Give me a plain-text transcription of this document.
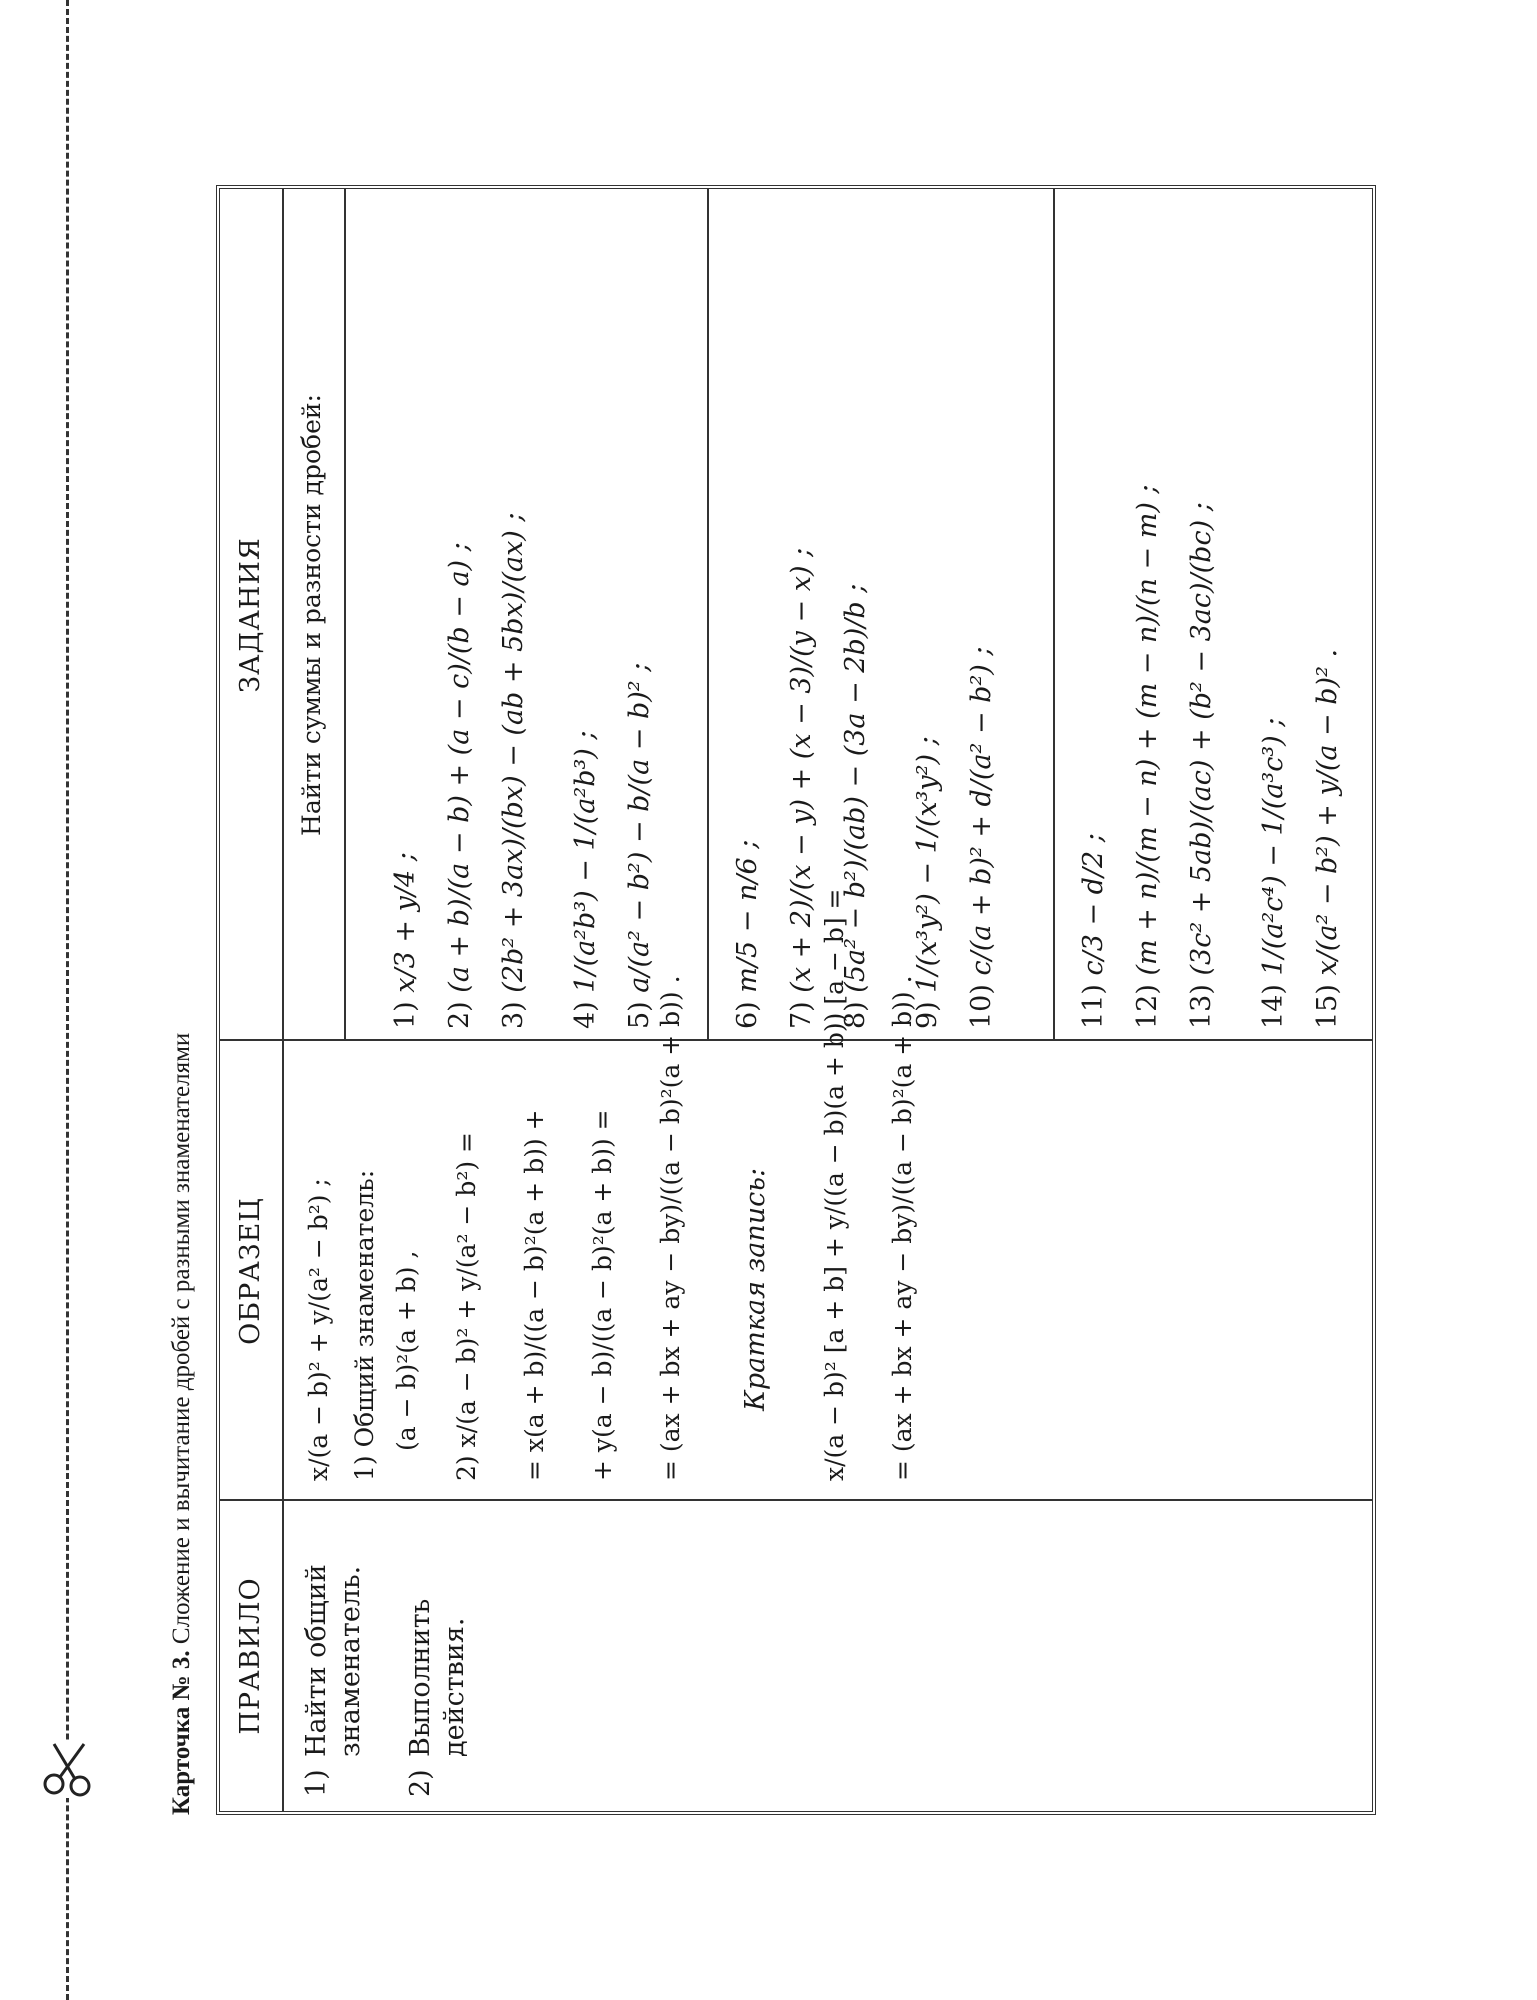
Карточка № 3. Сложение и вычитание дробей с разными знаменателями
ПРАВИЛО
ОБРАЗЕЦ
ЗАДАНИЯ
1)
Найти общий знаменатель.
2)
Выполнить действия.
x/(a − b)² + y/(a² − b²) ; 1) Общий знаменатель: (a − b)²(a + b) , 2) x/(a − b)² + y/(a² − b²) = = x(a + b)/((a − b)²(a + b)) + + y(a − b)/((a − b)²(a + b)) = = (ax + bx + ay − by)/((a − b)²(a + b)) . Краткая запись: x/(a − b)² [a + b] + y/((a − b)(a + b)) [a − b] = = (ax + bx + ay − by)/((a − b)²(a + b)) .
Найти суммы и разности дробей:
1) x/3 + y/4 ;
2) (a + b)/(a − b) + (a − c)/(b − a) ;
3) (2b² + 3ax)/(bx) − (ab + 5bx)/(ax) ;
4) 1/(a²b³) − 1/(a²b³) ;
5) a/(a² − b²) − b/(a − b)² ;
6) m/5 − n/6 ;
7) (x + 2)/(x − y) + (x − 3)/(y − x) ;
8) (5a² − b²)/(ab) − (3a − 2b)/b ;
9) 1/(x³y²) − 1/(x³y²) ;
10) c/(a + b)² + d/(a² − b²) ;
11) c/3 − d/2 ;
12) (m + n)/(m − n) + (m − n)/(n − m) ;
13) (3c² + 5ab)/(ac) + (b² − 3ac)/(bc) ;
14) 1/(a²c⁴) − 1/(a³c³) ;
15) x/(a² − b²) + y/(a − b)² .
